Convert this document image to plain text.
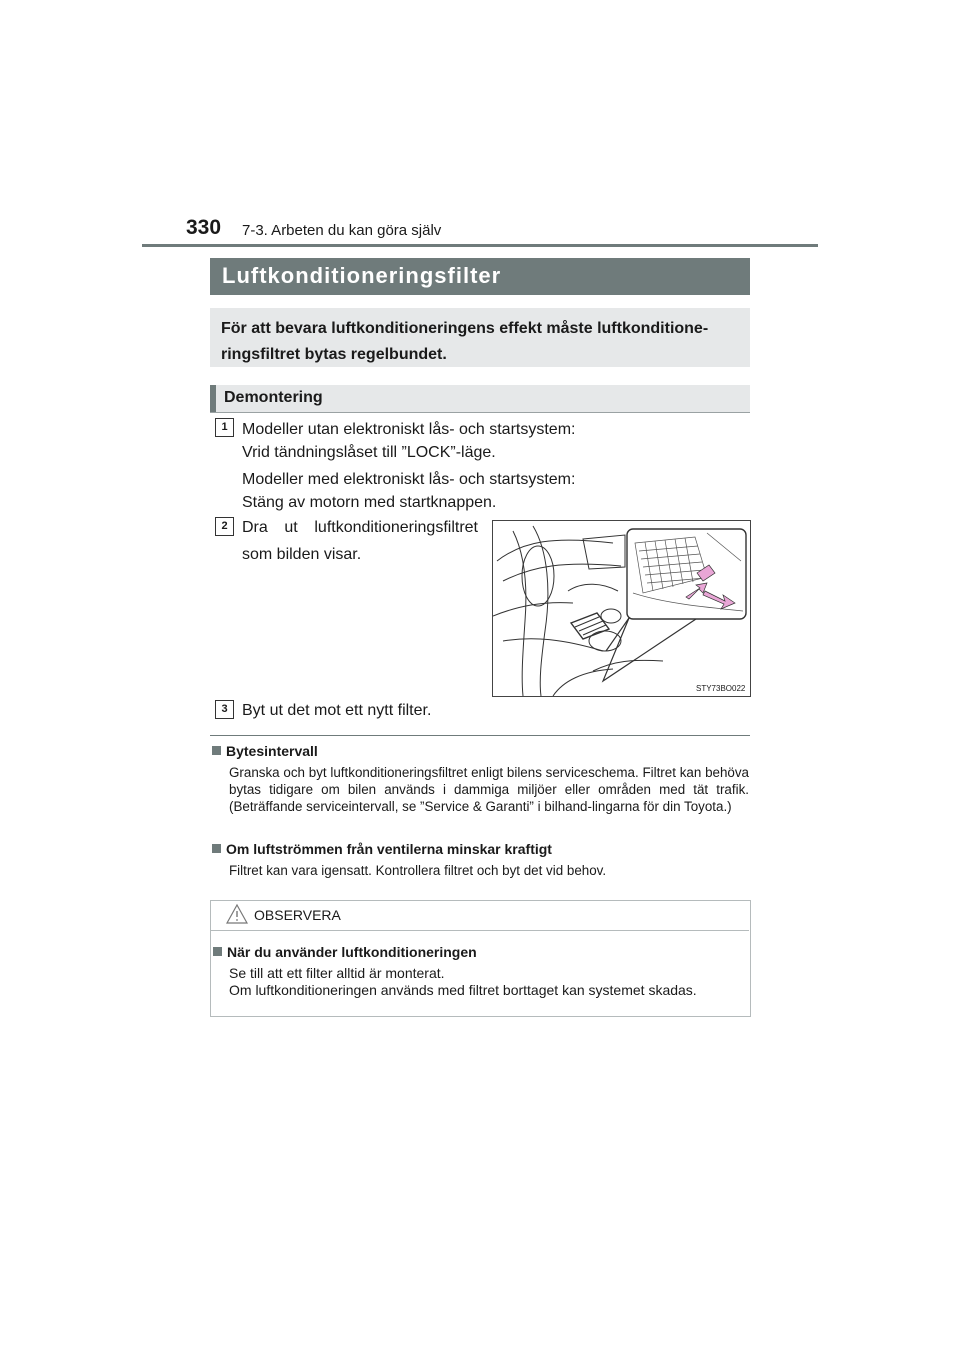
330 7-3. Arbeten du kan göra själv
Luftkonditioneringsfilter
För att bevara luftkonditioneringens effekt måste luftkonditione-ringsfiltret bytas regelbundet.
Demontering
1 Modeller utan elektroniskt lås- och startsystem:
Vrid tändningslåset till ”LOCK”-läge.
Modeller med elektroniskt lås- och startsystem:
Stäng av motorn med startknappen.
2 Dra ut luftkonditioneringsfiltret
som bilden visar.
STY73BO022
3 Byt ut det mot ett nytt filter.
Bytesintervall
Granska och byt luftkonditioneringsfiltret enligt bilens serviceschema. Filtret kan behöva bytas tidigare om bilen används i dammiga miljöer eller områden med tät trafik. (Beträffande serviceintervall, se ”Service & Garanti” i bilhand-lingarna för din Toyota.)
Om luftströmmen från ventilerna minskar kraftigt
Filtret kan vara igensatt. Kontrollera filtret och byt det vid behov.
OBSERVERA
När du använder luftkonditioneringen
Se till att ett filter alltid är monterat.
Om luftkonditioneringen används med filtret borttaget kan systemet skadas.
